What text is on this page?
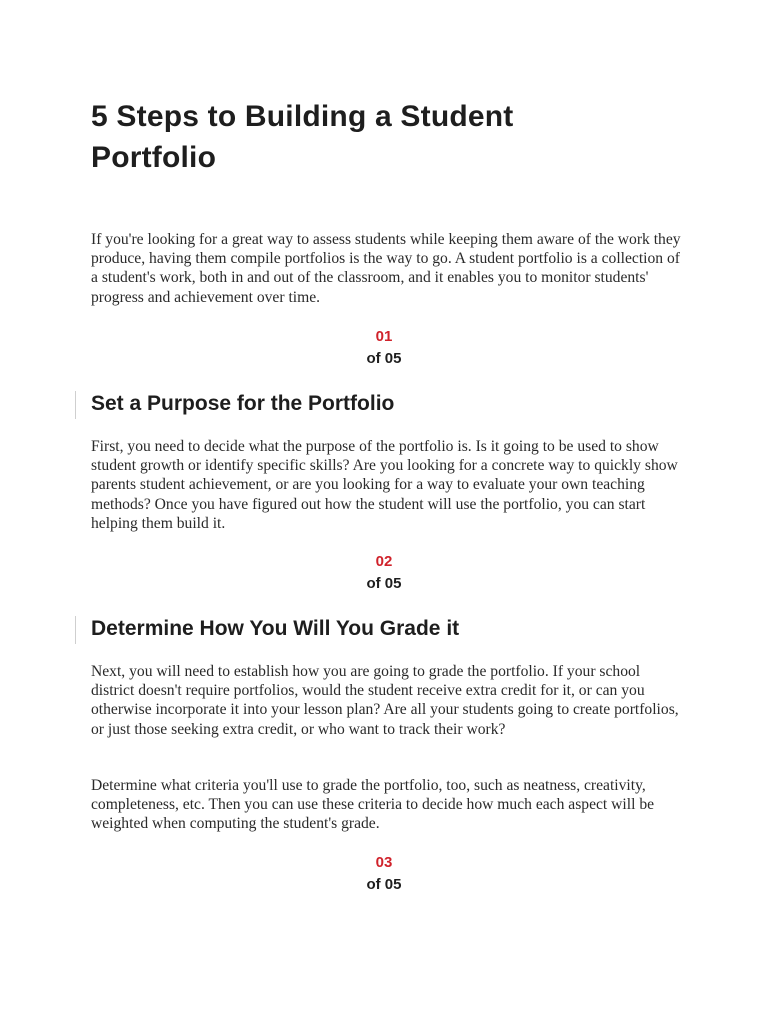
5 Steps to Building a Student Portfolio

If you're looking for a great way to assess students while keeping them aware of the work they produce, having them compile portfolios is the way to go. A student portfolio is a collection of a student's work, both in and out of the classroom, and it enables you to monitor students' progress and achievement over time.

01
of 05
Set a Purpose for the Portfolio

First, you need to decide what the purpose of the portfolio is. Is it going to be used to show student growth or identify specific skills? Are you looking for a concrete way to quickly show parents student achievement, or are you looking for a way to evaluate your own teaching methods? Once you have figured out how the student will use the portfolio, you can start helping them build it.

02
of 05
Determine How You Will You Grade it

Next, you will need to establish how you are going to grade the portfolio. If your school district doesn't require portfolios, would the student receive extra credit for it, or can you otherwise incorporate it into your lesson plan? Are all your students going to create portfolios, or just those seeking extra credit, or who want to track their work?

Determine what criteria you'll use to grade the portfolio, too, such as neatness, creativity, completeness, etc. Then you can use these criteria to decide how much each aspect will be weighted when computing the student's grade.

03
of 05
